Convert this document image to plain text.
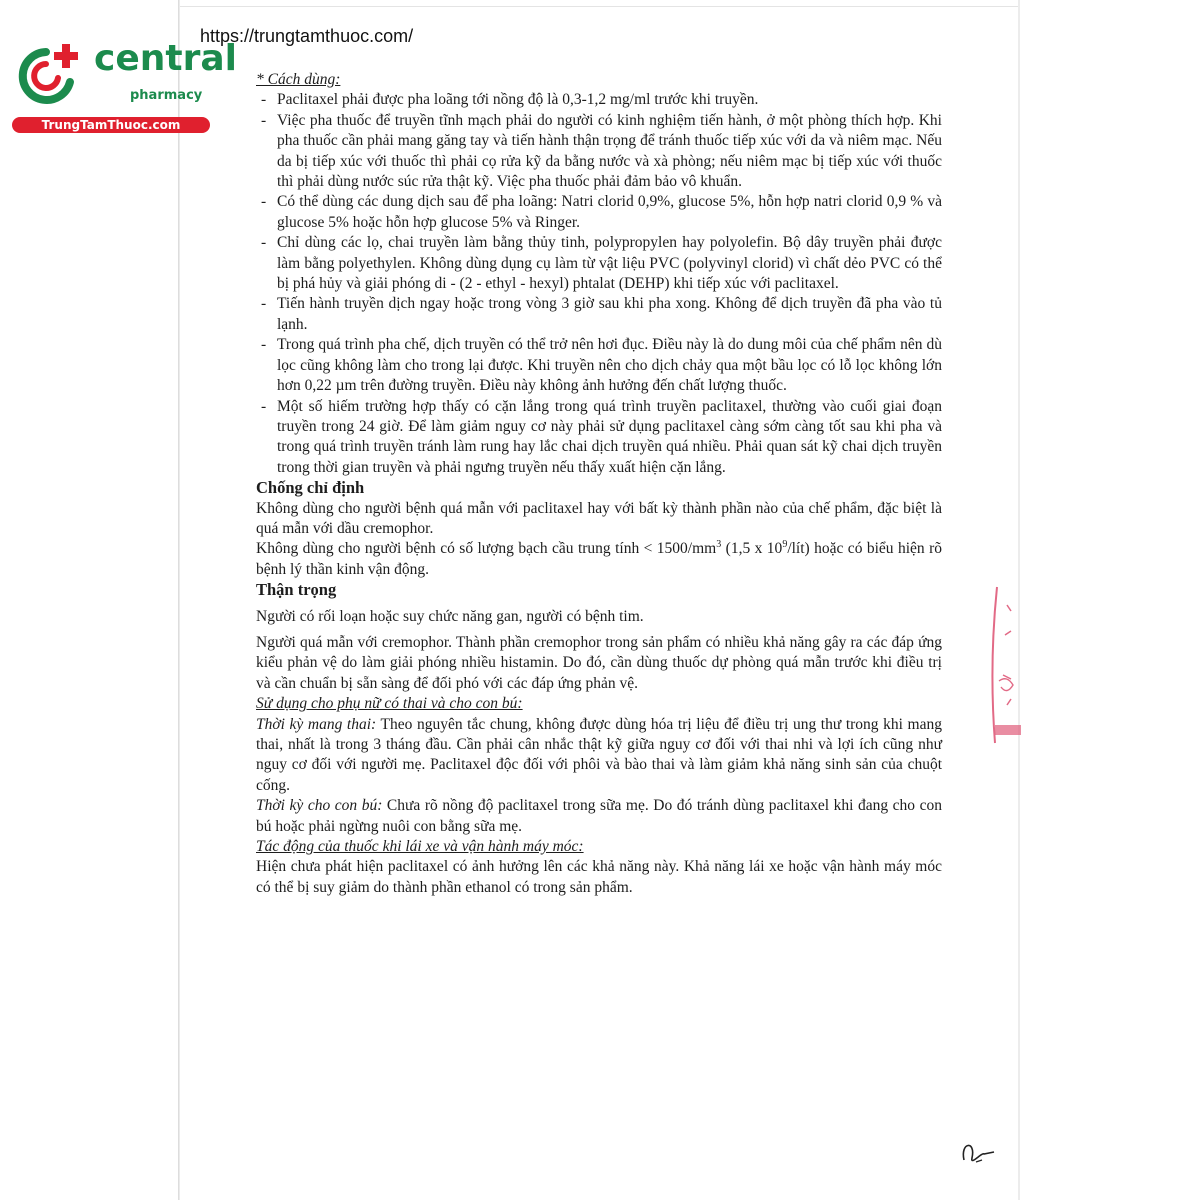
central
pharmacy
TrungTamThuoc.com
https://trungtamthuoc.com/

* Cách dùng:

- Paclitaxel phải được pha loãng tới nồng độ là 0,3-1,2 mg/ml trước khi truyền.
- Việc pha thuốc để truyền tĩnh mạch phải do người có kinh nghiệm tiến hành, ở một phòng thích hợp. Khi pha thuốc cần phải mang găng tay và tiến hành thận trọng để tránh thuốc tiếp xúc với da và niêm mạc. Nếu da bị tiếp xúc với thuốc thì phải cọ rửa kỹ da bằng nước và xà phòng; nếu niêm mạc bị tiếp xúc với thuốc thì phải dùng nước súc rửa thật kỹ. Việc pha thuốc phải đảm bảo vô khuẩn.
- Có thể dùng các dung dịch sau để pha loãng: Natri clorid 0,9%, glucose 5%, hỗn hợp natri clorid 0,9 % và glucose 5% hoặc hỗn hợp glucose 5% và Ringer.
- Chỉ dùng các lọ, chai truyền làm bằng thủy tinh, polypropylen hay polyolefin. Bộ dây truyền phải được làm bằng polyethylen. Không dùng dụng cụ làm từ vật liệu PVC (polyvinyl clorid) vì chất dẻo PVC có thể bị phá hủy và giải phóng di - (2 - ethyl - hexyl) phtalat (DEHP) khi tiếp xúc với paclitaxel.
- Tiến hành truyền dịch ngay hoặc trong vòng 3 giờ sau khi pha xong. Không để dịch truyền đã pha vào tủ lạnh.
- Trong quá trình pha chế, dịch truyền có thể trở nên hơi đục. Điều này là do dung môi của chế phẩm nên dù lọc cũng không làm cho trong lại được. Khi truyền nên cho dịch chảy qua một bầu lọc có lỗ lọc không lớn hơn 0,22 µm trên đường truyền. Điều này không ảnh hưởng đến chất lượng thuốc.
- Một số hiếm trường hợp thấy có cặn lắng trong quá trình truyền paclitaxel, thường vào cuối giai đoạn truyền trong 24 giờ. Để làm giảm nguy cơ này phải sử dụng paclitaxel càng sớm càng tốt sau khi pha và trong quá trình truyền tránh làm rung hay lắc chai dịch truyền quá nhiều. Phải quan sát kỹ chai dịch truyền trong thời gian truyền và phải ngưng truyền nếu thấy xuất hiện cặn lắng.

Chống chỉ định

Không dùng cho người bệnh quá mẫn với paclitaxel hay với bất kỳ thành phần nào của chế phẩm, đặc biệt là quá mẫn với dầu cremophor.

Không dùng cho người bệnh có số lượng bạch cầu trung tính < $1500/mm^3$ (1,5 x $10^9/lít$) hoặc có biểu hiện rõ bệnh lý thần kinh vận động.

Thận trọng

Người có rối loạn hoặc suy chức năng gan, người có bệnh tim.

Người quá mẫn với cremophor. Thành phần cremophor trong sản phẩm có nhiều khả năng gây ra các đáp ứng kiểu phản vệ do làm giải phóng nhiều histamin. Do đó, cần dùng thuốc dự phòng quá mẫn trước khi điều trị và cần chuẩn bị sẵn sàng để đối phó với các đáp ứng phản vệ.

Sử dụng cho phụ nữ có thai và cho con bú:

Thời kỳ mang thai: Theo nguyên tắc chung, không được dùng hóa trị liệu để điều trị ung thư trong khi mang thai, nhất là trong 3 tháng đầu. Cần phải cân nhắc thật kỹ giữa nguy cơ đối với thai nhi và lợi ích cũng như nguy cơ đối với người mẹ. Paclitaxel độc đối với phôi và bào thai và làm giảm khả năng sinh sản của chuột cống.

Thời kỳ cho con bú: Chưa rõ nồng độ paclitaxel trong sữa mẹ. Do đó tránh dùng paclitaxel khi đang cho con bú hoặc phải ngừng nuôi con bằng sữa mẹ.

Tác động của thuốc khi lái xe và vận hành máy móc:

Hiện chưa phát hiện paclitaxel có ảnh hưởng lên các khả năng này. Khả năng lái xe hoặc vận hành máy móc có thể bị suy giảm do thành phần ethanol có trong sản phẩm.
